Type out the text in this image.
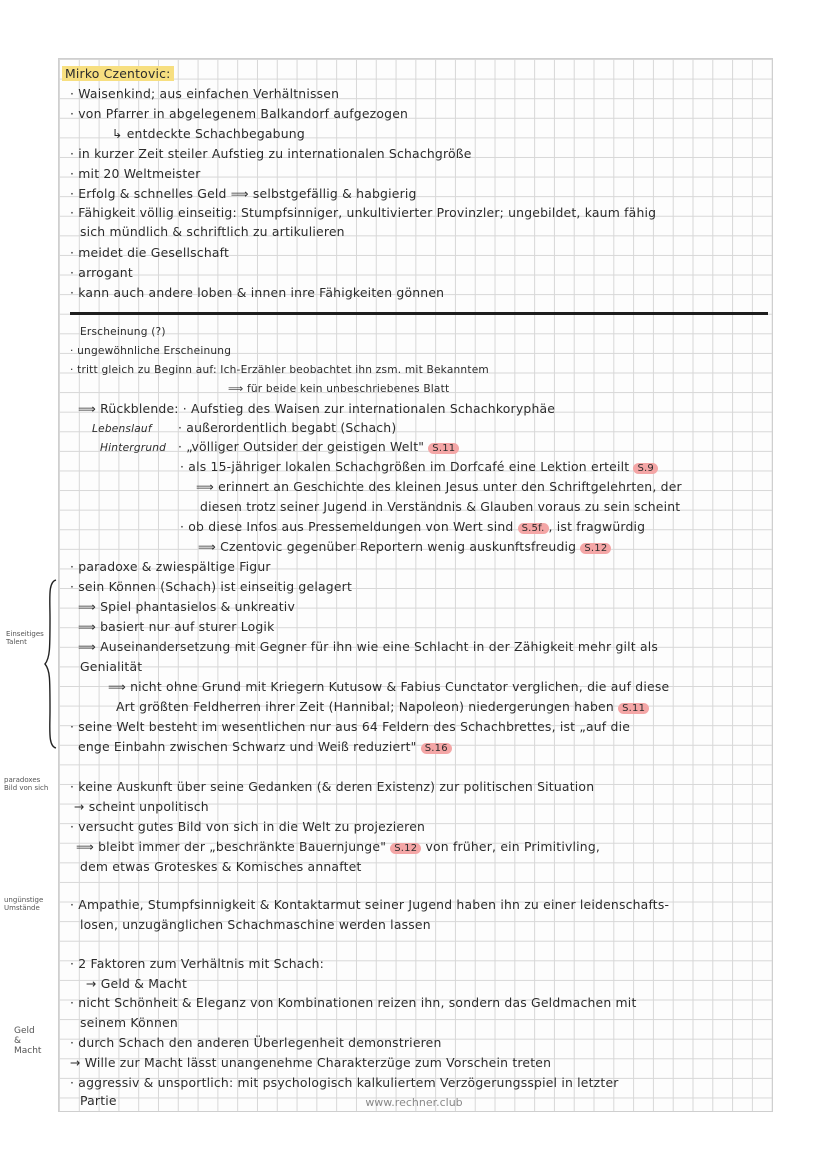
Mirko Czentovic:
· Waisenkind; aus einfachen Verhältnissen
· von Pfarrer in abgelegenem Balkandorf aufgezogen
↳ entdeckte Schachbegabung
· in kurzer Zeit steiler Aufstieg zu internationalen Schachgröße
· mit 20 Weltmeister
· Erfolg & schnelles Geld ⟹ selbstgefällig & habgierig
· Fähigkeit völlig einseitig: Stumpfsinniger, unkultivierter Provinzler; ungebildet, kaum fähig
sich mündlich & schriftlich zu artikulieren
· meidet die Gesellschaft
· arrogant
· kann auch andere loben & innen inre Fähigkeiten gönnen
Erscheinung (?)
· ungewöhnliche Erscheinung
· tritt gleich zu Beginn auf: Ich-Erzähler beobachtet ihn zsm. mit Bekanntem
⟹ für beide kein unbeschriebenes Blatt
⟹ Rückblende: · Aufstieg des Waisen zur internationalen Schachkoryphäe
Lebenslauf · außerordentlich begabt (Schach)
Hintergrund · „völliger Outsider der geistigen Welt" S.11
· als 15-jähriger lokalen Schachgrößen im Dorfcafé eine Lektion erteilt S.9
⟹ erinnert an Geschichte des kleinen Jesus unter den Schriftgelehrten, der
diesen trotz seiner Jugend in Verständnis & Glauben voraus zu sein scheint
· ob diese Infos aus Pressemeldungen von Wert sind S.5f. , ist fragwürdig
⟹ Czentovic gegenüber Reportern wenig auskunftsfreudig S.12
· paradoxe & zwiespältige Figur
· sein Können (Schach) ist einseitig gelagert
⟹ Spiel phantasielos & unkreativ
⟹ basiert nur auf sturer Logik
⟹ Auseinandersetzung mit Gegner für ihn wie eine Schlacht in der Zähigkeit mehr gilt als
Genialität
⟹ nicht ohne Grund mit Kriegern Kutusow & Fabius Cunctator verglichen, die auf diese
Art größten Feldherren ihrer Zeit (Hannibal; Napoleon) niedergerungen haben S.11
· seine Welt besteht im wesentlichen nur aus 64 Feldern des Schachbrettes, ist „auf die
enge Einbahn zwischen Schwarz und Weiß reduziert" S.16
· keine Auskunft über seine Gedanken (& deren Existenz) zur politischen Situation
→ scheint unpolitisch
· versucht gutes Bild von sich in die Welt zu projezieren
⟹ bleibt immer der „beschränkte Bauernjunge" S.12 von früher, ein Primitivling,
dem etwas Groteskes & Komisches annaftet
· Ampathie, Stumpfsinnigkeit & Kontaktarmut seiner Jugend haben ihn zu einer leidenschafts-
losen, unzugänglichen Schachmaschine werden lassen
· 2 Faktoren zum Verhältnis mit Schach:
→ Geld & Macht
· nicht Schönheit & Eleganz von Kombinationen reizen ihn, sondern das Geldmachen mit
seinem Können
· durch Schach den anderen Überlegenheit demonstrieren
→ Wille zur Macht lässt unangenehme Charakterzüge zum Vorschein treten
· aggressiv & unsportlich: mit psychologisch kalkuliertem Verzögerungsspiel in letzter
Partie
Einseitiges
Talent
paradoxes
Bild von sich
ungünstige
Umstände
Geld
&
Macht
www.rechner.club
